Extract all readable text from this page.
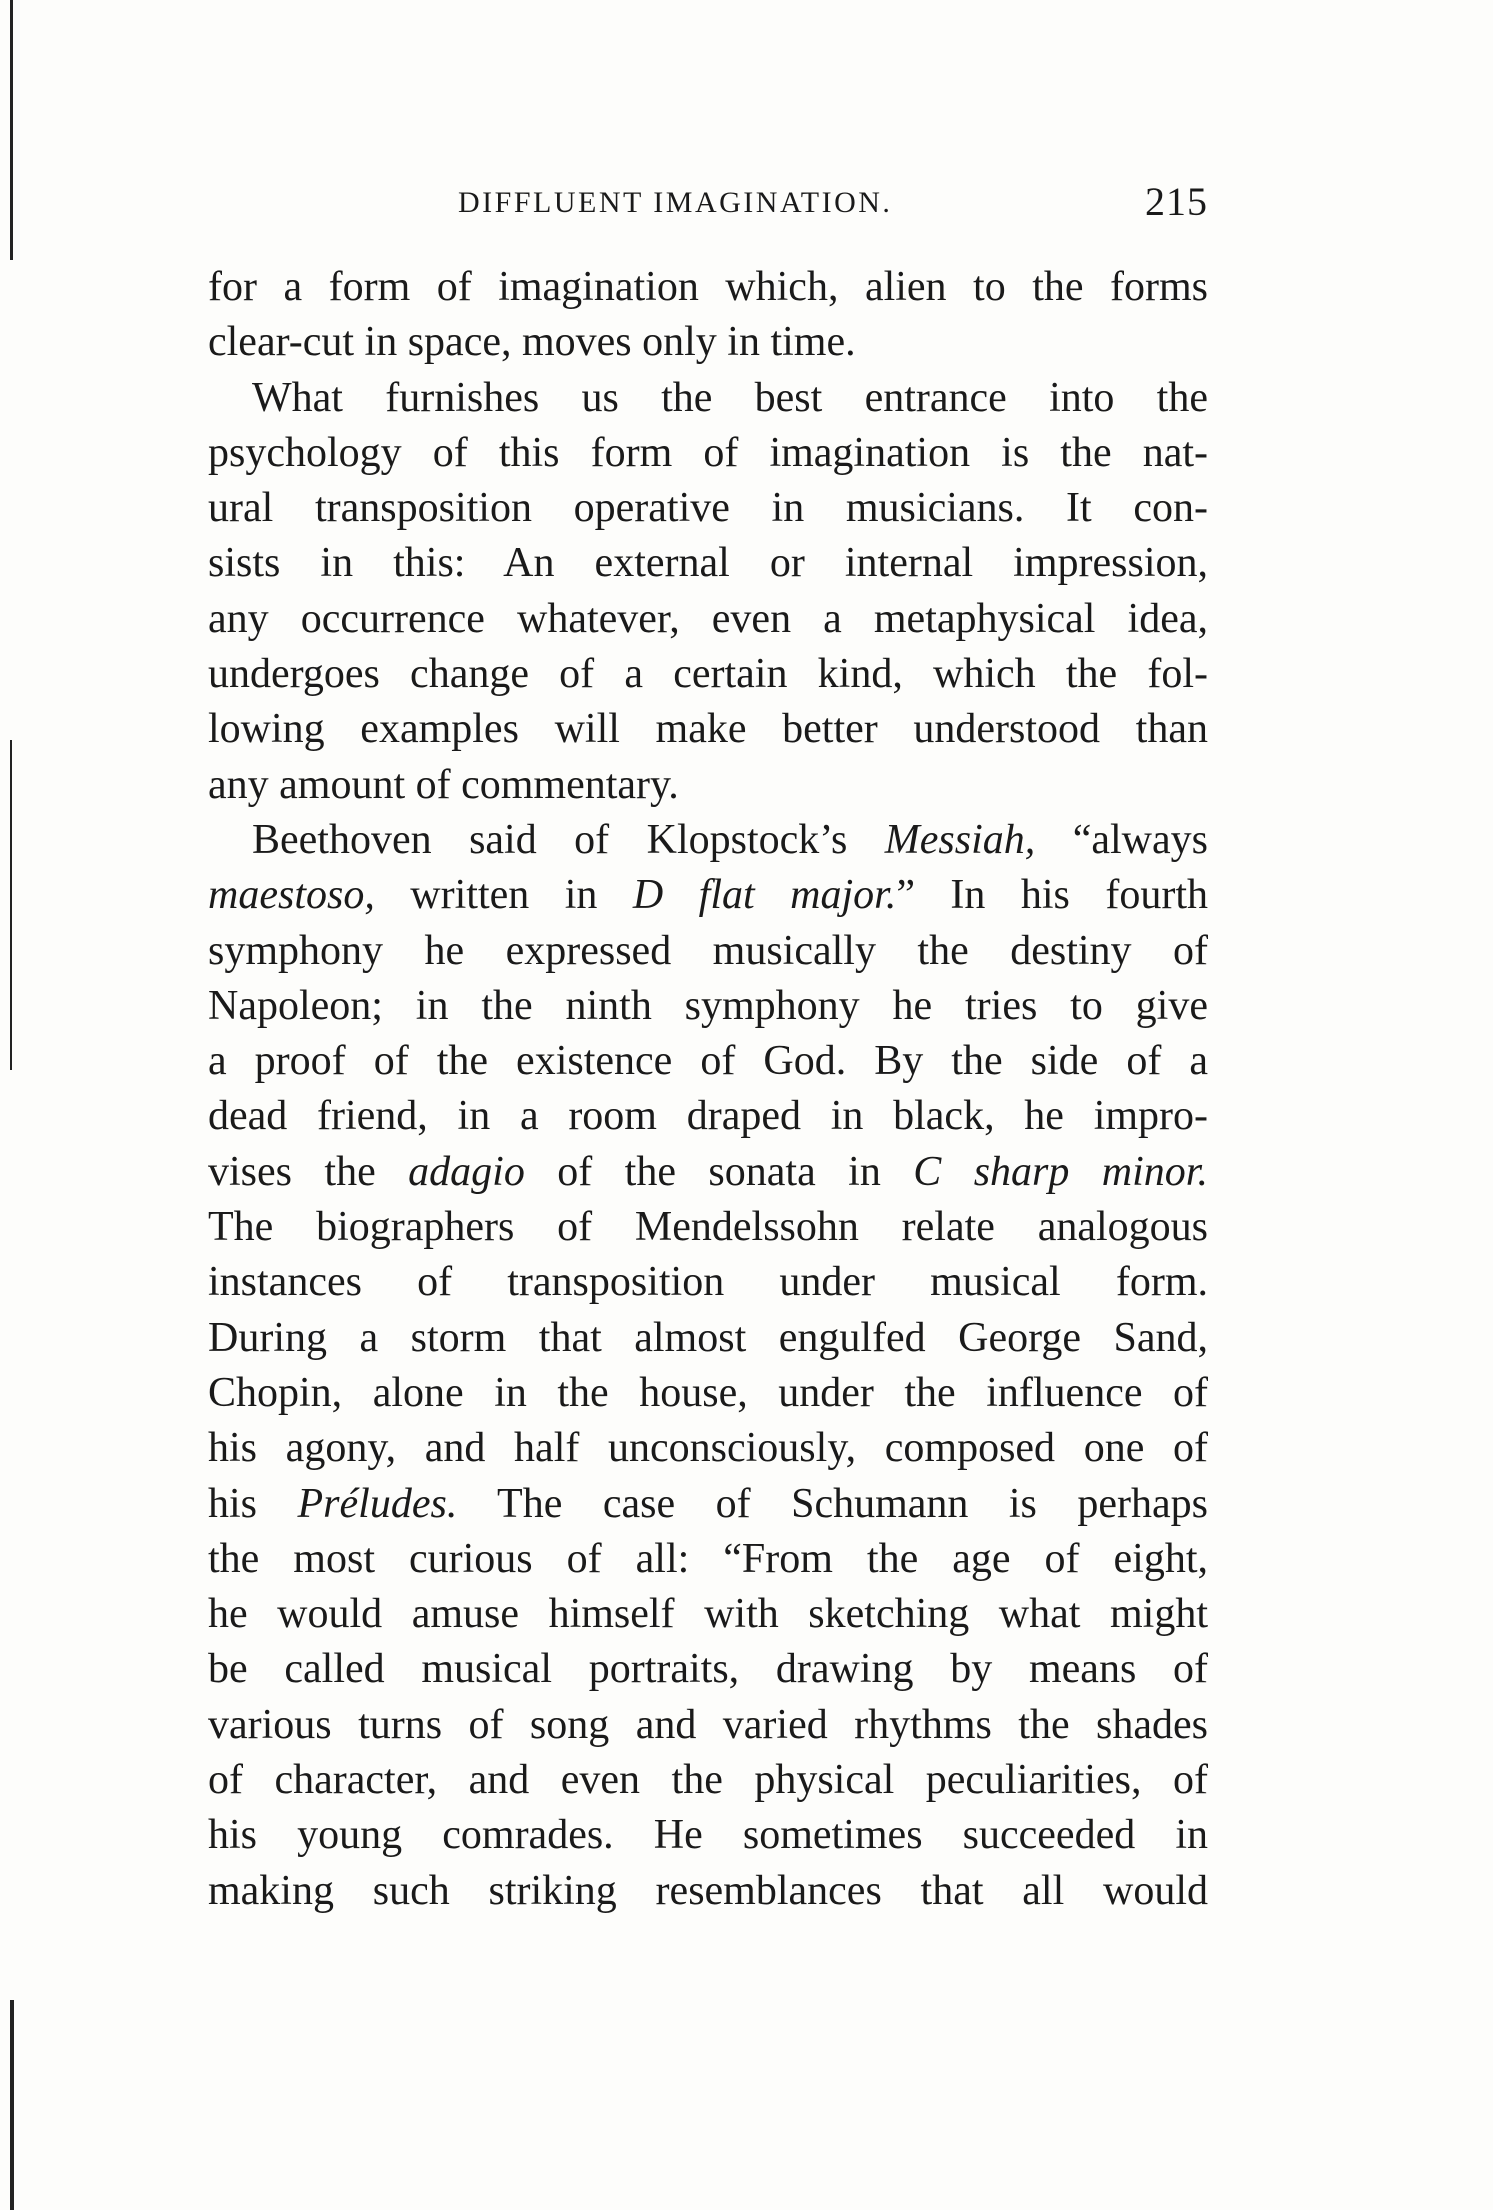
DIFFLUENT IMAGINATION.	215
for a form of imagination which, alien to the forms
clear-cut in space, moves only in time.
What furnishes us the best entrance into the
psychology of this form of imagination is the nat-
ural transposition operative in musicians. It con-
sists in this: An external or internal impression,
any occurrence whatever, even a metaphysical idea,
undergoes change of a certain kind, which the fol-
lowing examples will make better understood than
any amount of commentary.
Beethoven said of Klopstock’s Messiah, “always
maestoso, written in D flat major.” In his fourth
symphony he expressed musically the destiny of
Napoleon; in the ninth symphony he tries to give
a proof of the existence of God. By the side of a
dead friend, in a room draped in black, he impro-
vises the adagio of the sonata in C sharp minor.
The biographers of Mendelssohn relate analogous
instances of transposition under musical form.
During a storm that almost engulfed George Sand,
Chopin, alone in the house, under the influence of
his agony, and half unconsciously, composed one of
his Préludes. The case of Schumann is perhaps
the most curious of all: “From the age of eight,
he would amuse himself with sketching what might
be called musical portraits, drawing by means of
various turns of song and varied rhythms the shades
of character, and even the physical peculiarities, of
his young comrades. He sometimes succeeded in
making such striking resemblances that all would
